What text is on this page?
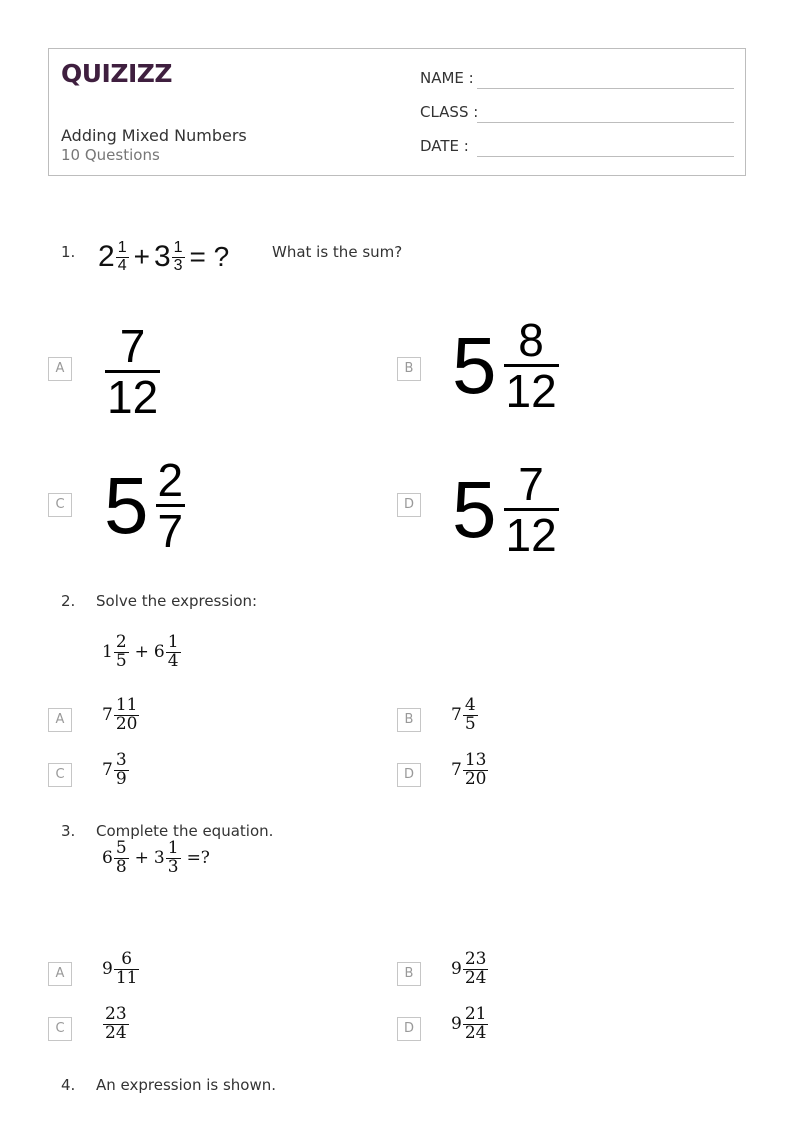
QUIZIZZ
Adding Mixed Numbers
10 Questions
NAME :
CLASS :
DATE :
1. $2 \frac{1}{4} + 3 \frac{1}{3}$ = ?	What is the sum?
A $\frac{7}{12}$	B $5 \frac{8}{12}$
C $5 \frac{2}{7}$	D $5 \frac{7}{12}$
2. Solve the expression:
$1 \frac{2}{5} + 6 \frac{1}{4}$
A	$7 \frac{11}{20}$	B	$7 \frac{4}{5}$
C	$7 \frac{3}{9}$	D	$7 \frac{13}{20}$
3. Complete the equation.
$6 \frac{5}{8} + 3 \frac{1}{3}$ =?
A	$9 \frac{6}{11}$	B	$9 \frac{23}{24}$
C	$\frac{23}{24}$	D	$9 \frac{21}{24}$
4. An expression is shown.
